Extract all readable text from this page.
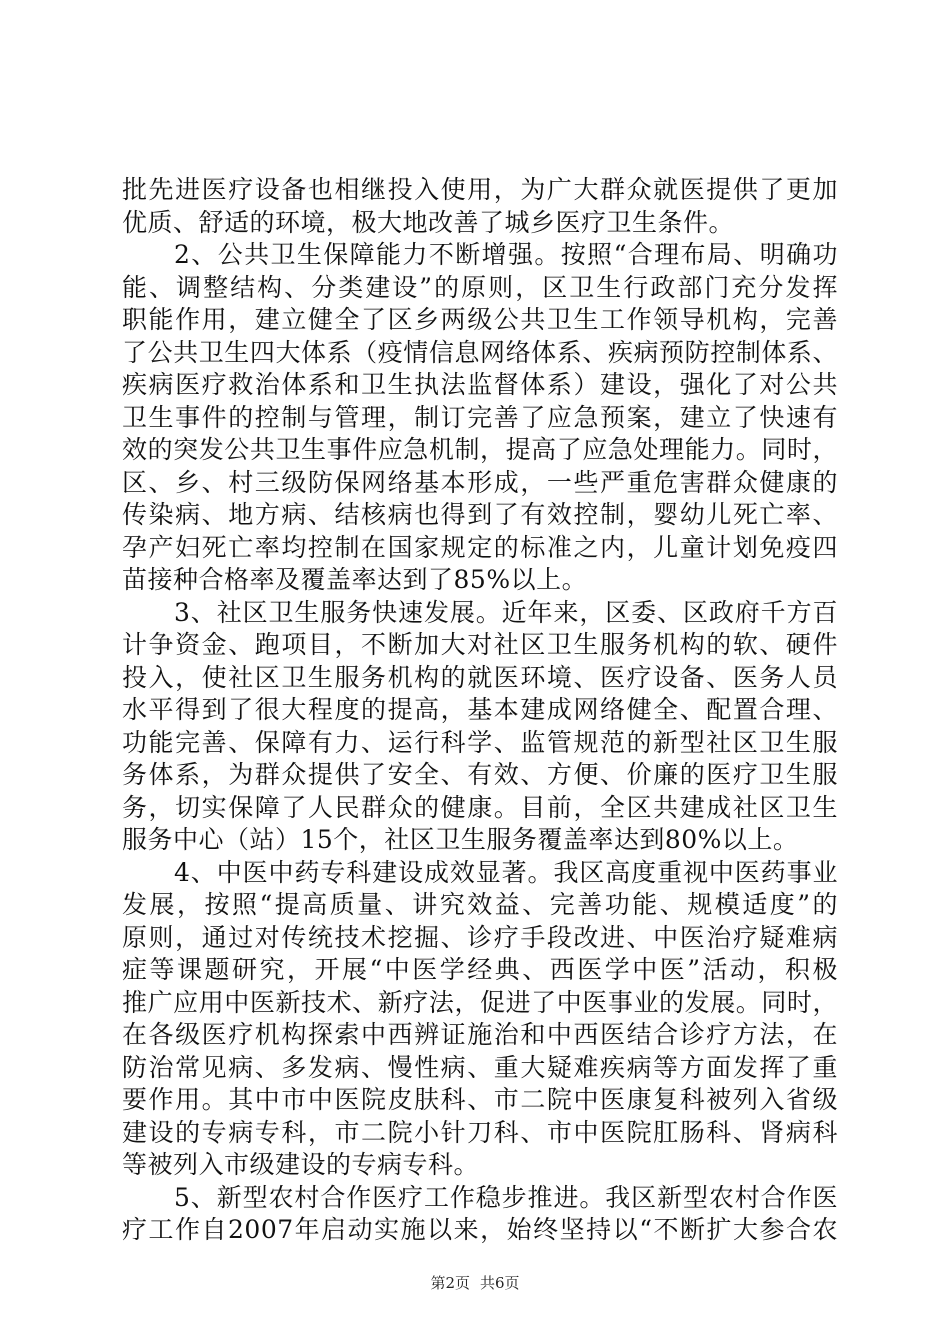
批先进医疗设备也相继投入使用，为广大群众就医提供了更加
优质、舒适的环境，极大地改善了城乡医疗卫生条件。
2、公共卫生保障能力不断增强。按照“合理布局、明确功
能、调整结构、分类建设”的原则，区卫生行政部门充分发挥
职能作用，建立健全了区乡两级公共卫生工作领导机构，完善
了公共卫生四大体系（疫情信息网络体系、疾病预防控制体系、
疾病医疗救治体系和卫生执法监督体系）建设，强化了对公共
卫生事件的控制与管理，制订完善了应急预案，建立了快速有
效的突发公共卫生事件应急机制，提高了应急处理能力。同时，
区、乡、村三级防保网络基本形成，一些严重危害群众健康的
传染病、地方病、结核病也得到了有效控制，婴幼儿死亡率、
孕产妇死亡率均控制在国家规定的标准之内，儿童计划免疫四
苗接种合格率及覆盖率达到了85%以上。
3、社区卫生服务快速发展。近年来，区委、区政府千方百
计争资金、跑项目，不断加大对社区卫生服务机构的软、硬件
投入，使社区卫生服务机构的就医环境、医疗设备、医务人员
水平得到了很大程度的提高，基本建成网络健全、配置合理、
功能完善、保障有力、运行科学、监管规范的新型社区卫生服
务体系，为群众提供了安全、有效、方便、价廉的医疗卫生服
务，切实保障了人民群众的健康。目前，全区共建成社区卫生
服务中心（站）15个，社区卫生服务覆盖率达到80%以上。
4、中医中药专科建设成效显著。我区高度重视中医药事业
发展，按照“提高质量、讲究效益、完善功能、规模适度”的
原则，通过对传统技术挖掘、诊疗手段改进、中医治疗疑难病
症等课题研究，开展“中医学经典、西医学中医”活动，积极
推广应用中医新技术、新疗法，促进了中医事业的发展。同时，
在各级医疗机构探索中西辨证施治和中西医结合诊疗方法，在
防治常见病、多发病、慢性病、重大疑难疾病等方面发挥了重
要作用。其中市中医院皮肤科、市二院中医康复科被列入省级
建设的专病专科，市二院小针刀科、市中医院肛肠科、肾病科
等被列入市级建设的专病专科。
5、新型农村合作医疗工作稳步推进。我区新型农村合作医
疗工作自2007年启动实施以来，始终坚持以“不断扩大参合农
第2页 共6页
